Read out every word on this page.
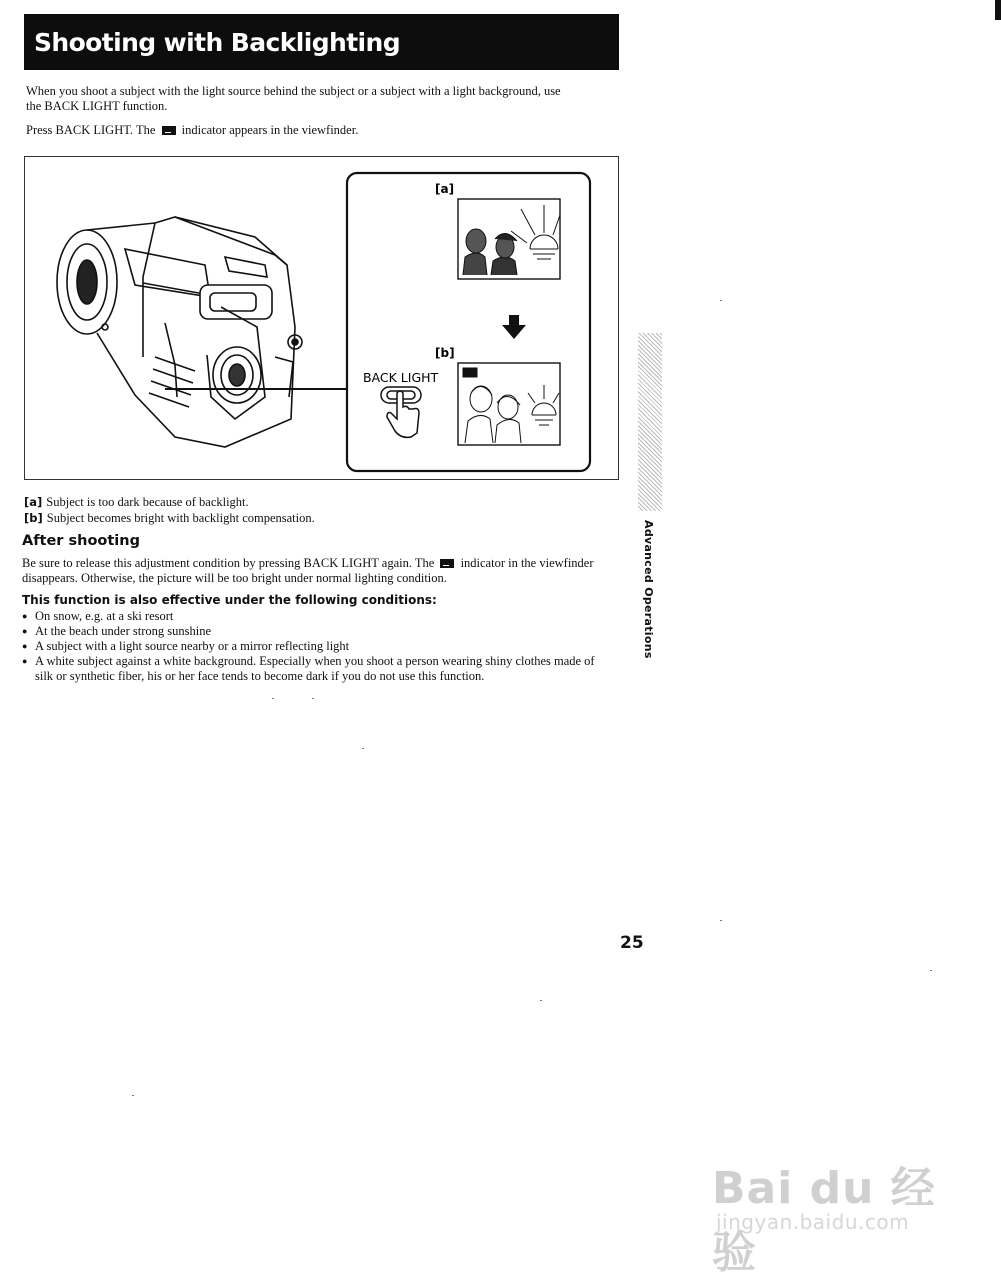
Shooting with Backlighting

When you shoot a subject with the light source behind the subject or a subject with a light background, use the BACK LIGHT function.

Press BACK LIGHT. The indicator appears in the viewfinder.

[a]
[b]
BACK LIGHT
[a] Subject is too dark because of backlight.
[b] Subject becomes bright with backlight compensation.
After shooting

Be sure to release this adjustment condition by pressing BACK LIGHT again. The indicator in the viewfinder disappears. Otherwise, the picture will be too bright under normal lighting condition.

This function is also effective under the following conditions:
● On snow, e.g. at a ski resort
● At the beach under strong sunshine
● A subject with a light source nearby or a mirror reflecting light
● A white subject against a white background. Especially when you shoot a person wearing shiny clothes made of silk or synthetic fiber, his or her face tends to become dark if you do not use this function.
Advanced Operations
25
Bai du 经验
jingyan.baidu.com
